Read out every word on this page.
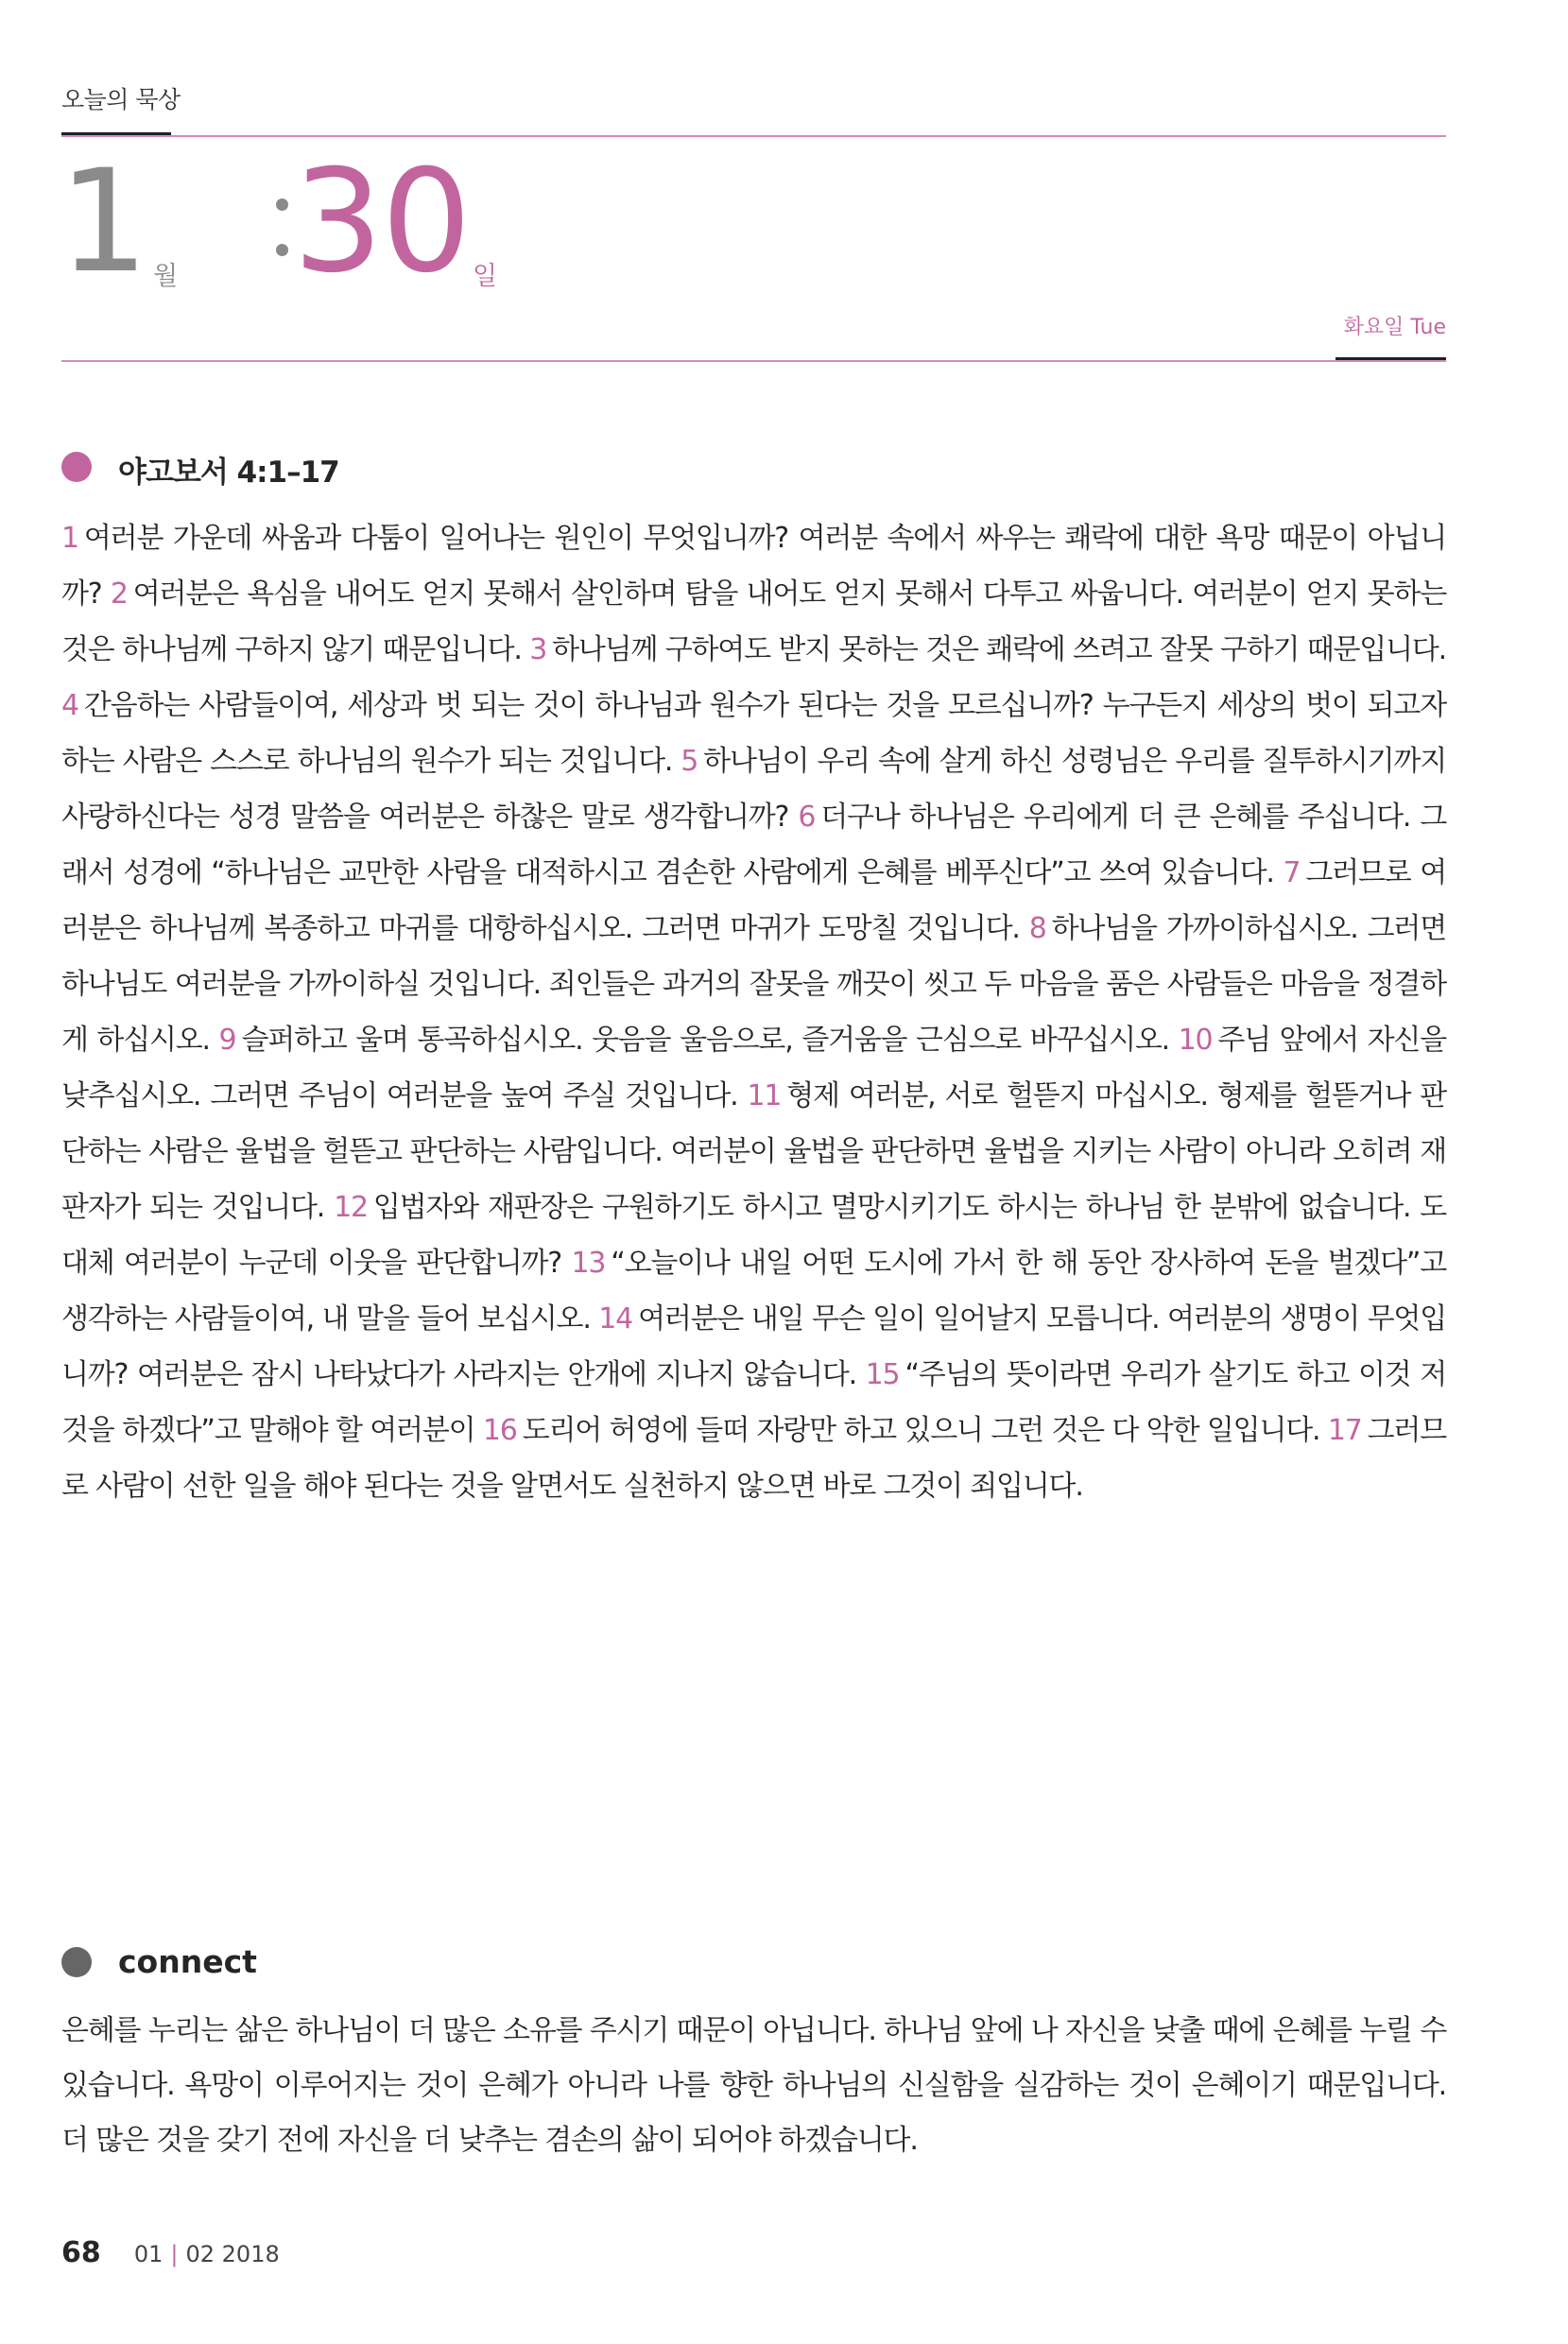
오늘의 묵상
1 월 30 일
화요일 Tue
야고보서 4:1–17
1 여러분 가운데 싸움과 다툼이 일어나는 원인이 무엇입니까? 여러분 속에서 싸우는 쾌락에 대한 욕망 때문이 아닙니까? 2 여러분은 욕심을 내어도 얻지 못해서 살인하며 탐을 내어도 얻지 못해서 다투고 싸웁니다. 여러분이 얻지 못하는 것은 하나님께 구하지 않기 때문입니다. 3 하나님께 구하여도 받지 못하는 것은 쾌락에 쓰려고 잘못 구하기 때문입니다. 4 간음하는 사람들이여, 세상과 벗 되는 것이 하나님과 원수가 된다는 것을 모르십니까? 누구든지 세상의 벗이 되고자 하는 사람은 스스로 하나님의 원수가 되는 것입니다. 5 하나님이 우리 속에 살게 하신 성령님은 우리를 질투하시기까지 사랑하신다는 성경 말씀을 여러분은 하찮은 말로 생각합니까? 6 더구나 하나님은 우리에게 더 큰 은혜를 주십니다. 그래서 성경에 “하나님은 교만한 사람을 대적하시고 겸손한 사람에게 은혜를 베푸신다”고 쓰여 있습니다. 7 그러므로 여러분은 하나님께 복종하고 마귀를 대항하십시오. 그러면 마귀가 도망칠 것입니다. 8 하나님을 가까이하십시오. 그러면 하나님도 여러분을 가까이하실 것입니다. 죄인들은 과거의 잘못을 깨끗이 씻고 두 마음을 품은 사람들은 마음을 정결하게 하십시오. 9 슬퍼하고 울며 통곡하십시오. 웃음을 울음으로, 즐거움을 근심으로 바꾸십시오. 10 주님 앞에서 자신을 낮추십시오. 그러면 주님이 여러분을 높여 주실 것입니다. 11 형제 여러분, 서로 헐뜯지 마십시오. 형제를 헐뜯거나 판단하는 사람은 율법을 헐뜯고 판단하는 사람입니다. 여러분이 율법을 판단하면 율법을 지키는 사람이 아니라 오히려 재판자가 되는 것입니다. 12 입법자와 재판장은 구원하기도 하시고 멸망시키기도 하시는 하나님 한 분밖에 없습니다. 도대체 여러분이 누군데 이웃을 판단합니까? 13 “오늘이나 내일 어떤 도시에 가서 한 해 동안 장사하여 돈을 벌겠다”고 생각하는 사람들이여, 내 말을 들어 보십시오. 14 여러분은 내일 무슨 일이 일어날지 모릅니다. 여러분의 생명이 무엇입니까? 여러분은 잠시 나타났다가 사라지는 안개에 지나지 않습니다. 15 “주님의 뜻이라면 우리가 살기도 하고 이것 저것을 하겠다”고 말해야 할 여러분이 16 도리어 허영에 들떠 자랑만 하고 있으니 그런 것은 다 악한 일입니다. 17 그러므로 사람이 선한 일을 해야 된다는 것을 알면서도 실천하지 않으면 바로 그것이 죄입니다.
connect
은혜를 누리는 삶은 하나님이 더 많은 소유를 주시기 때문이 아닙니다. 하나님 앞에 나 자신을 낮출 때에 은혜를 누릴 수 있습니다. 욕망이 이루어지는 것이 은혜가 아니라 나를 향한 하나님의 신실함을 실감하는 것이 은혜이기 때문입니다. 더 많은 것을 갖기 전에 자신을 더 낮추는 겸손의 삶이 되어야 하겠습니다.
68 01 | 02 2018
